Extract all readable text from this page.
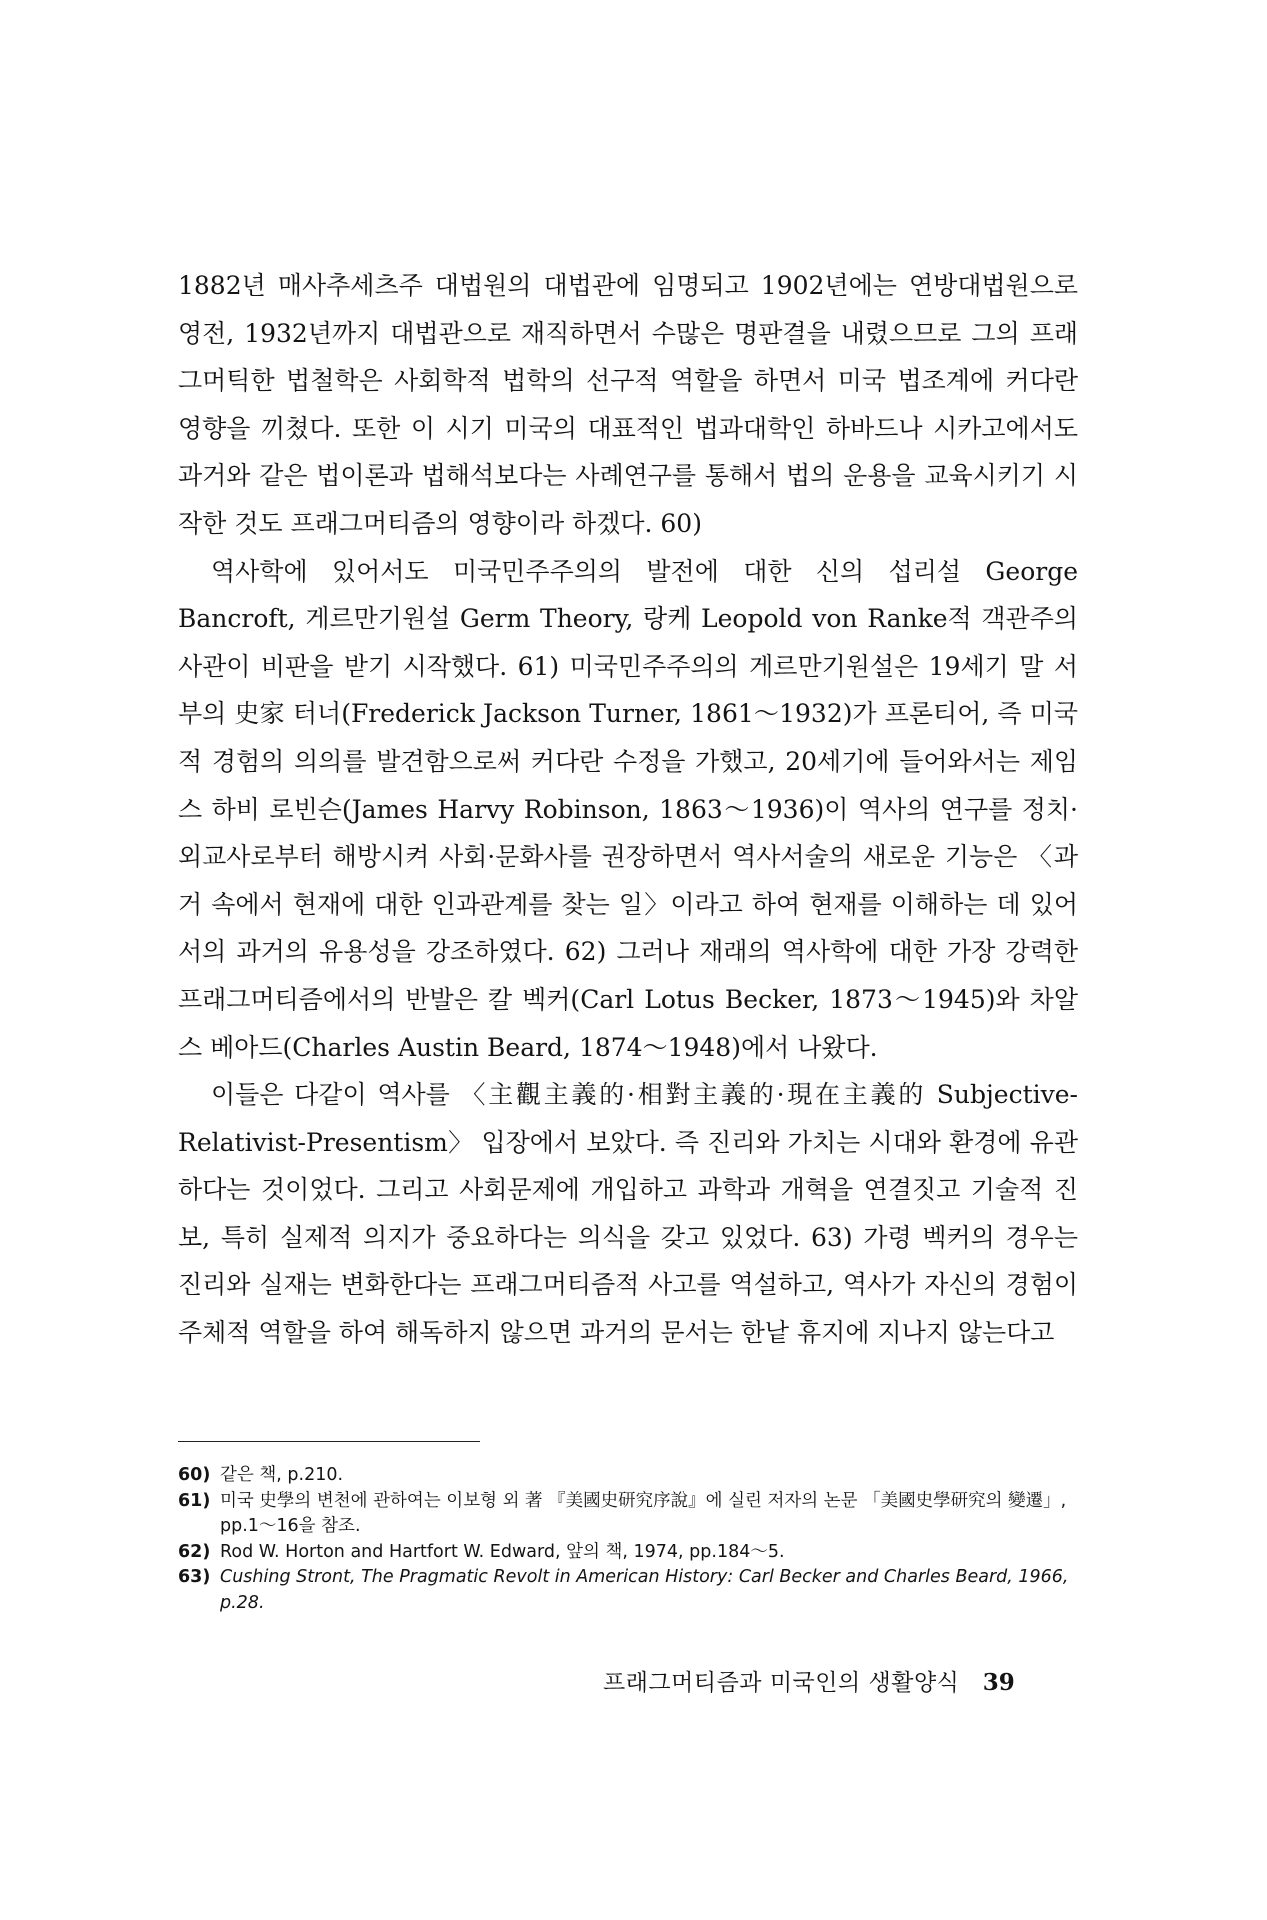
1882년 매사추세츠주 대법원의 대법관에 임명되고 1902년에는 연방대법원으로 영전, 1932년까지 대법관으로 재직하면서 수많은 명판결을 내렸으므로 그의 프래그머틱한 법철학은 사회학적 법학의 선구적 역할을 하면서 미국 법조계에 커다란 영향을 끼쳤다. 또한 이 시기 미국의 대표적인 법과대학인 하바드나 시카고에서도 과거와 같은 법이론과 법해석보다는 사례연구를 통해서 법의 운용을 교육시키기 시작한 것도 프래그머티즘의 영향이라 하겠다. 60)

역사학에 있어서도 미국민주주의의 발전에 대한 신의 섭리설 George Bancroft, 게르만기원설 Germ Theory, 랑케 Leopold von Ranke적 객관주의사관이 비판을 받기 시작했다. 61) 미국민주주의의 게르만기원설은 19세기 말 서부의 史家 터너(Frederick Jackson Turner, 1861～1932)가 프론티어, 즉 미국적 경험의 의의를 발견함으로써 커다란 수정을 가했고, 20세기에 들어와서는 제임스 하비 로빈슨(James Harvy Robinson, 1863～1936)이 역사의 연구를 정치·외교사로부터 해방시켜 사회·문화사를 권장하면서 역사서술의 새로운 기능은 〈과거 속에서 현재에 대한 인과관계를 찾는 일〉이라고 하여 현재를 이해하는 데 있어서의 과거의 유용성을 강조하였다. 62) 그러나 재래의 역사학에 대한 가장 강력한 프래그머티즘에서의 반발은 칼 벡커(Carl Lotus Becker, 1873～1945)와 차알스 베아드(Charles Austin Beard, 1874～1948)에서 나왔다.

이들은 다같이 역사를 〈主觀主義的·相對主義的·現在主義的 Subjective-Relativist-Presentism〉 입장에서 보았다. 즉 진리와 가치는 시대와 환경에 유관하다는 것이었다. 그리고 사회문제에 개입하고 과학과 개혁을 연결짓고 기술적 진보, 특히 실제적 의지가 중요하다는 의식을 갖고 있었다. 63) 가령 벡커의 경우는 진리와 실재는 변화한다는 프래그머티즘적 사고를 역설하고, 역사가 자신의 경험이 주체적 역할을 하여 해독하지 않으면 과거의 문서는 한낱 휴지에 지나지 않는다고

60) 같은 책, p.210.
61) 미국 史學의 변천에 관하여는 이보형 외 著 『美國史研究序說』에 실린 저자의 논문 「美國史學研究의 變遷」, pp.1～16을 참조.
62) Rod W. Horton and Hartfort W. Edward, 앞의 책, 1974, pp.184～5.
63) Cushing Stront, The Pragmatic Revolt in American History: Carl Becker and Charles Beard, 1966, p.28.
프래그머티즘과 미국인의 생활양식 39
